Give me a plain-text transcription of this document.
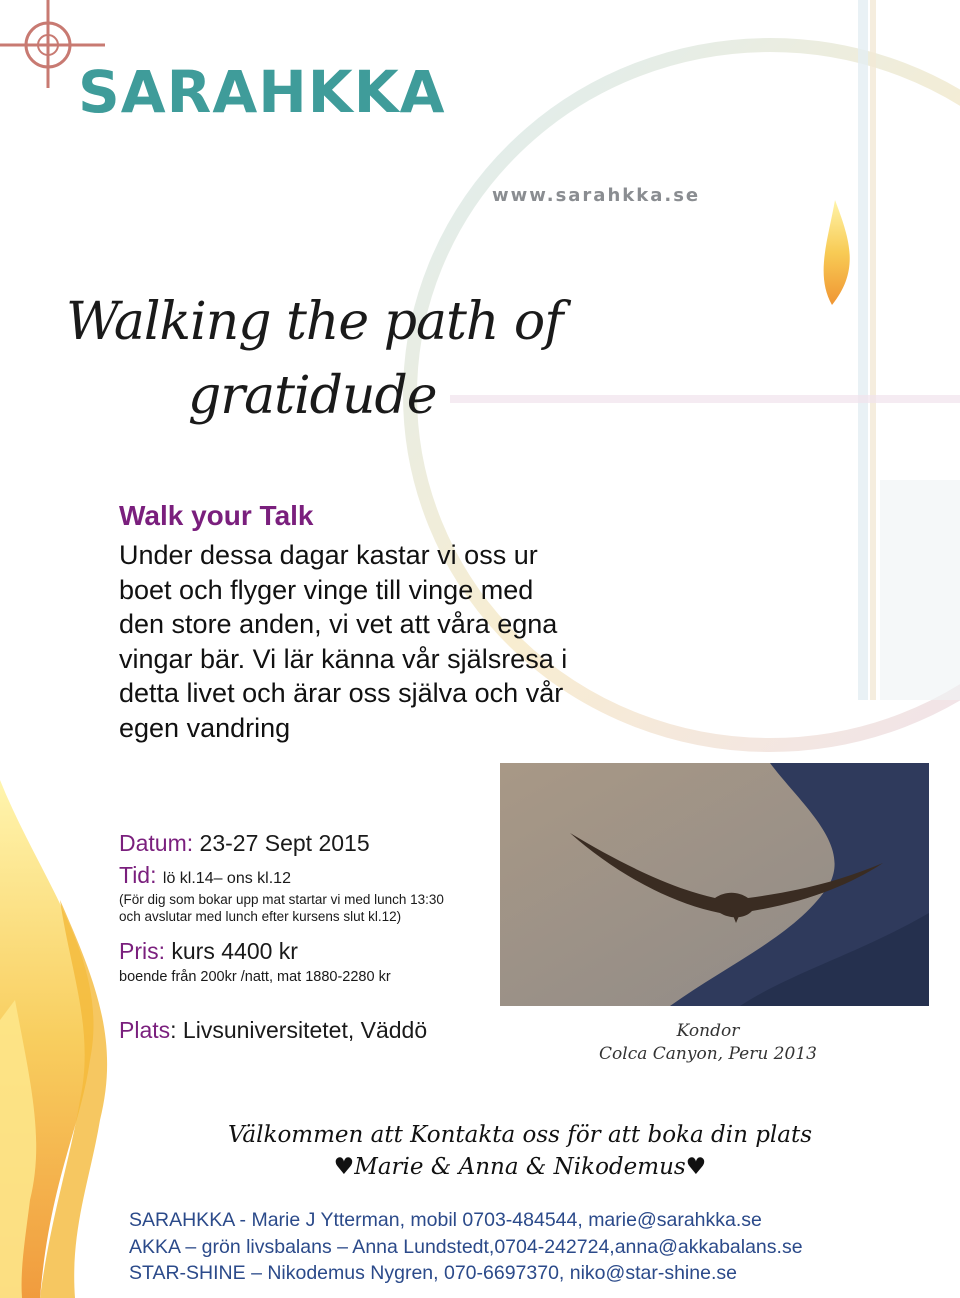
SARAHKKA
www.sarahkka.se
Walking the path of
gratidude
Walk your Talk
Under dessa dagar kastar vi oss ur
boet och flyger vinge till vinge med
den store anden, vi vet att våra egna
vingar bär. Vi lär känna vår själsresa i
detta livet och ärar oss själva och vår
egen vandring
Datum: 23-27 Sept 2015
Tid: lö kl.14– ons kl.12
(För dig som bokar upp mat startar vi med lunch 13:30
och avslutar med lunch efter kursens slut kl.12)
Pris: kurs 4400 kr
boende från 200kr /natt, mat 1880-2280 kr
Plats: Livsuniversitetet, Väddö	Kondor
Colca Canyon, Peru 2013
Välkommen att Kontakta oss för att boka din plats
♥Marie & Anna & Nikodemus♥
SARAHKKA - Marie J Ytterman, mobil 0703-484544, marie@sarahkka.se
AKKA – grön livsbalans – Anna Lundstedt,0704-242724,anna@akkabalans.se
STAR-SHINE – Nikodemus Nygren, 070-6697370, niko@star-shine.se
